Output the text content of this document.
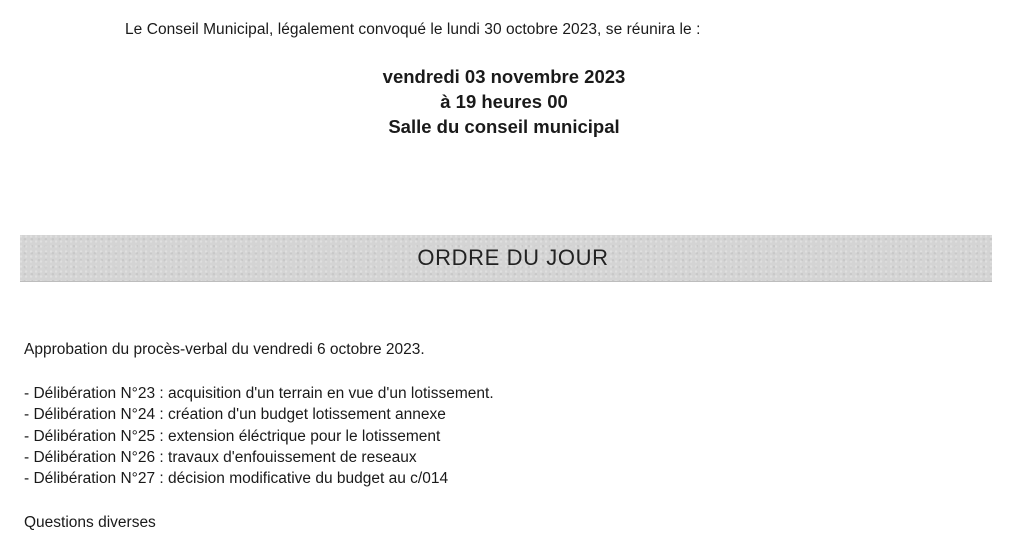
Le Conseil Municipal, légalement convoqué le lundi 30 octobre 2023, se réunira le :
vendredi 03 novembre 2023
à 19 heures 00
Salle du conseil municipal
ORDRE DU JOUR
Approbation du procès-verbal du vendredi 6 octobre 2023.
- Délibération N°23 : acquisition d'un terrain en vue d'un lotissement.
- Délibération N°24 : création d'un budget lotissement annexe
- Délibération N°25 : extension éléctrique pour le lotissement
- Délibération N°26 : travaux d'enfouissement de reseaux
- Délibération N°27 : décision modificative du budget au c/014
Questions diverses
